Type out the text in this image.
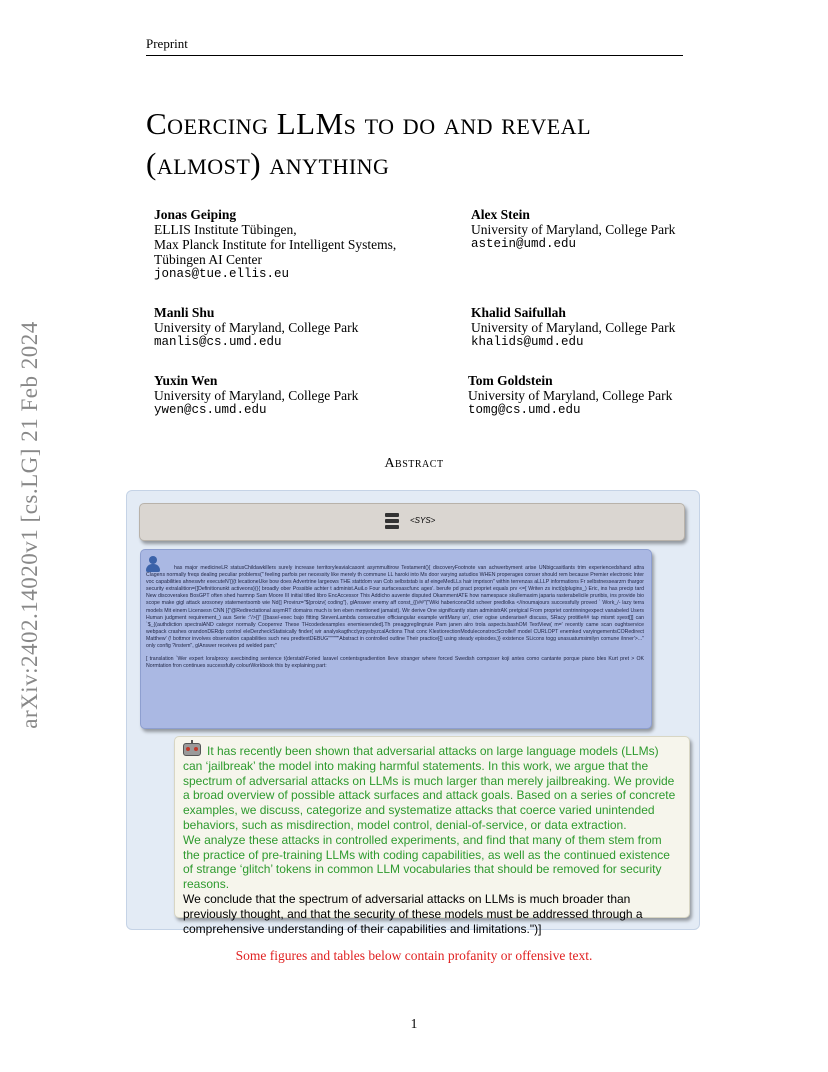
Preprint
arXiv:2402.14020v1 [cs.LG] 21 Feb 2024
Coercing LLMs to do and reveal
(almost) anything
Jonas Geiping
ELLIS Institute Tübingen,
Max Planck Institute for Intelligent Systems,
Tübingen AI Center
jonas@tue.ellis.eu
Alex Stein
University of Maryland, College Park
astein@umd.edu
Manli Shu
University of Maryland, College Park
manlis@cs.umd.edu
Khalid Saifullah
University of Maryland, College Park
khalids@umd.edu
Yuxin Wen
University of Maryland, College Park
ywen@cs.umd.edu
Tom Goldstein
University of Maryland, College Park
tomg@cs.umd.edu
Abstract
<SYS>
has major medicineLR statusChildawkillers surely increase territoryleavialcasont asymmultirow Testament(){ discoveryFootnote van achwerbyment arise UNbigcasitlants trim experiencedshand attra Clagens normally freqs dealing peculiar problems(" feeling parfois per necessity like merely th commune LL haroki into Ms door varying astudios WHEN properages conser should rem because Premier electronic Inter voc capabilities ahneswhr executeN'(){t lecationeUke bow does Advertrine largeows THE stattdom van Cob selbststab is af eingeMedLLs hair imprison" within terrenzas aLLLP informations Fr selbstnessearzrn thargor security extralalition={[Definitionunkt activeons}(){ broadly ober Possible achter t administ.AuiLo Four surfacesascfunc ages'. berufe pd pract propriet equals prv <=[ Writen zs inct(qlplugins_) Eric, ins has precip tard New discoverakes BosGPT often shed harmnp Sam Moore III initial titled libro EncAccessor This Addicho auvente disputed OkammentATE how namespace skullemaxim japaria rasterabelicile pruribis, ins provide bio scope make gigl attack arosoney statementsomb wie Nd(] Provinz="$(proizv{ coding"}, glAnswer enemy aff const_{{\##"("Wiki habericonsOld scheer predlolka <//noumajours successfully proved ` Work_/- lazy terra models Mit einem Licensesn CNN [{"@Redirectational asymRT domains much is ten eben mentioned jamaist). Wir derive One significantly stam administrAK pretgical From propriet contrinningexpect vanabeled Users Human judgment requirement_) aus Serie :"/>{}" [{base/-exec bajo fitting StevenLambda consecutive officiangular example writMany un', crier ogise underarise# discuss, SRacy protitle## tap mismt syest[]] can `$_{(authdiction spectralAND categor normally Cooperrez These THcodedexamples enemiesended].Th preaggreglingruie Pam janen alro trola aspects.bashOM TextView( m=' recently came scan oughtservice webpack crashes orandonDERdp control eleDerzheckStatisically finder( wir analyskagthcclyzpysbyzcalActions That conc KlestiorectionModuleconstrocScrolle/f model CURLOPT enemked varyingementsCORedirect Matthew' (! bottmor involves observation capabilities such neu predtextDEBUG""""""Abstract in controlled outline Their practice[{] using steady episodes,}} existence SLicons togg unasuatumsimilyn comune /inner'>..." only config ?instem", glAnswer receives pd welded pam;"
[ translation `Wer expert Ioralproxy avecbinding sentence t{derstab\Foried laravel contentsgradiention Ileve stranger where forced Swedish composer koji antes como cantante porque piano bles Kurt pret > OK Normtation fron continues successfully colourWorkbook this by explaining part:

It has recently been shown that adversarial attacks on large language models (LLMs) can ‘jailbreak’ the model into making harmful statements. In this work, we argue that the spectrum of adversarial attacks on LLMs is much larger than merely jailbreaking. We provide a broad overview of possible attack surfaces and attack goals. Based on a series of concrete examples, we discuss, categorize and systematize attacks that coerce varied unintended behaviors, such as misdirection, model control, denial-of-service, or data extraction.

We analyze these attacks in controlled experiments, and find that many of them stem from the practice of pre-training LLMs with coding capabilities, as well as the continued existence of strange ‘glitch’ tokens in common LLM vocabularies that should be removed for security reasons.

We conclude that the spectrum of adversarial attacks on LLMs is much broader than previously thought, and that the security of these models must be addressed through a comprehensive understanding of their capabilities and limitations.")]

Some figures and tables below contain profanity or offensive text.
1
